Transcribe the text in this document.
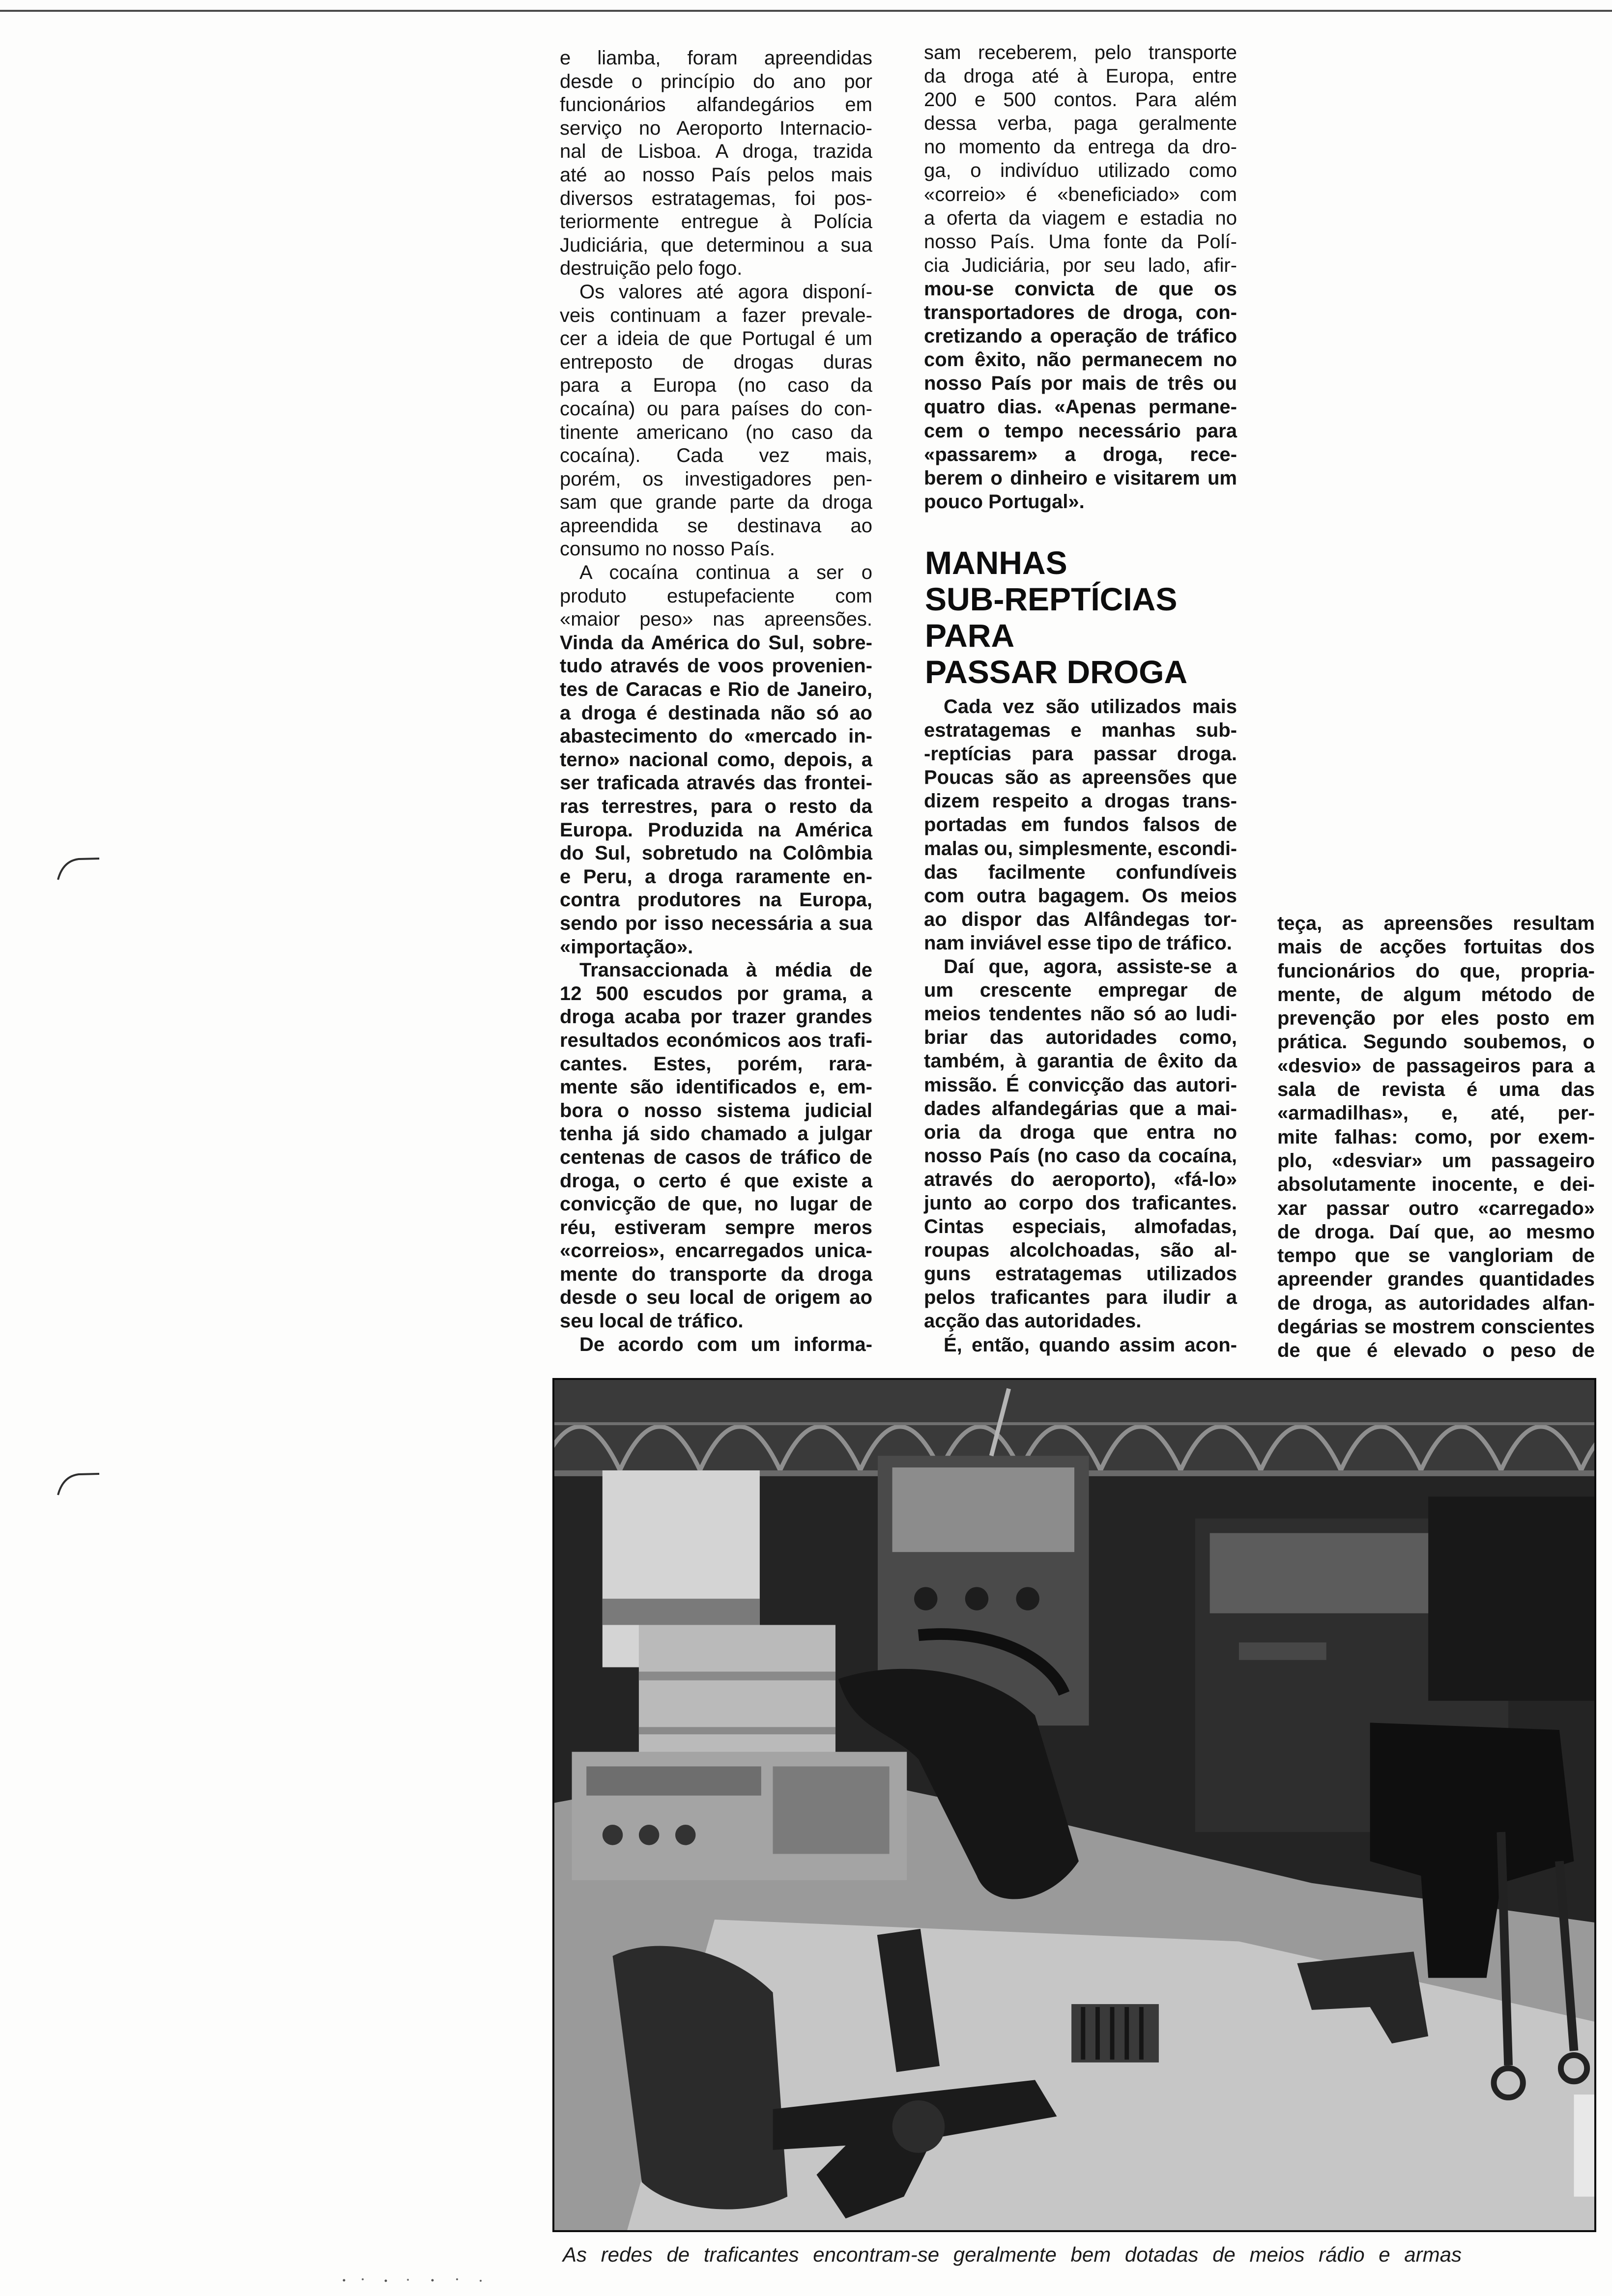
e liamba, foram apreendidas
desde o princípio do ano por
funcionários alfandegários em
serviço no Aeroporto Internacio-
nal de Lisboa. A droga, trazida
até ao nosso País pelos mais
diversos estratagemas, foi pos-
teriormente entregue à Polícia
Judiciária, que determinou a sua
destruição pelo fogo.
Os valores até agora disponí-
veis continuam a fazer prevale-
cer a ideia de que Portugal é um
entreposto de drogas duras
para a Europa (no caso da
cocaína) ou para países do con-
tinente americano (no caso da
cocaína). Cada vez mais,
porém, os investigadores pen-
sam que grande parte da droga
apreendida se destinava ao
consumo no nosso País.
A cocaína continua a ser o
produto estupefaciente com
«maior peso» nas apreensões.
Vinda da América do Sul, sobre-
tudo através de voos provenien-
tes de Caracas e Rio de Janeiro,
a droga é destinada não só ao
abastecimento do «mercado in-
terno» nacional como, depois, a
ser traficada através das frontei-
ras terrestres, para o resto da
Europa. Produzida na América
do Sul, sobretudo na Colômbia
e Peru, a droga raramente en-
contra produtores na Europa,
sendo por isso necessária a sua
«importação».
Transaccionada à média de
12 500 escudos por grama, a
droga acaba por trazer grandes
resultados económicos aos trafi-
cantes. Estes, porém, rara-
mente são identificados e, em-
bora o nosso sistema judicial
tenha já sido chamado a julgar
centenas de casos de tráfico de
droga, o certo é que existe a
convicção de que, no lugar de
réu, estiveram sempre meros
«correios», encarregados unica-
mente do transporte da droga
desde o seu local de origem ao
seu local de tráfico.
De acordo com um informa-
sam receberem, pelo transporte
da droga até à Europa, entre
200 e 500 contos. Para além
dessa verba, paga geralmente
no momento da entrega da dro-
ga, o indivíduo utilizado como
«correio» é «beneficiado» com
a oferta da viagem e estadia no
nosso País. Uma fonte da Polí-
cia Judiciária, por seu lado, afir-
mou-se convicta de que os
transportadores de droga, con-
cretizando a operação de tráfico
com êxito, não permanecem no
nosso País por mais de três ou
quatro dias. «Apenas permane-
cem o tempo necessário para
«passarem» a droga, rece-
berem o dinheiro e visitarem um
pouco Portugal».
MANHAS
SUB-REPTÍCIAS
PARA
PASSAR DROGA
Cada vez são utilizados mais
estratagemas e manhas sub-
-reptícias para passar droga.
Poucas são as apreensões que
dizem respeito a drogas trans-
portadas em fundos falsos de
malas ou, simplesmente, escondi-
das facilmente confundíveis
com outra bagagem. Os meios
ao dispor das Alfândegas tor-
nam inviável esse tipo de tráfico.
Daí que, agora, assiste-se a
um crescente empregar de
meios tendentes não só ao ludi-
briar das autoridades como,
também, à garantia de êxito da
missão. É convicção das autori-
dades alfandegárias que a mai-
oria da droga que entra no
nosso País (no caso da cocaína,
através do aeroporto), «fá-lo»
junto ao corpo dos traficantes.
Cintas especiais, almofadas,
roupas alcolchoadas, são al-
guns estratagemas utilizados
pelos traficantes para iludir a
acção das autoridades.
É, então, quando assim acon-
teça, as apreensões resultam
mais de acções fortuitas dos
funcionários do que, propria-
mente, de algum método de
prevenção por eles posto em
prática. Segundo soubemos, o
«desvio» de passageiros para a
sala de revista é uma das
«armadilhas», e, até, per-
mite falhas: como, por exem-
plo, «desviar» um passageiro
absolutamente inocente, e dei-
xar passar outro «carregado»
de droga. Daí que, ao mesmo
tempo que se vangloriam de
apreender grandes quantidades
de droga, as autoridades alfan-
degárias se mostrem conscientes
de que é elevado o peso de
As redes de traficantes encontram-se geralmente bem dotadas de meios rádio e armas
